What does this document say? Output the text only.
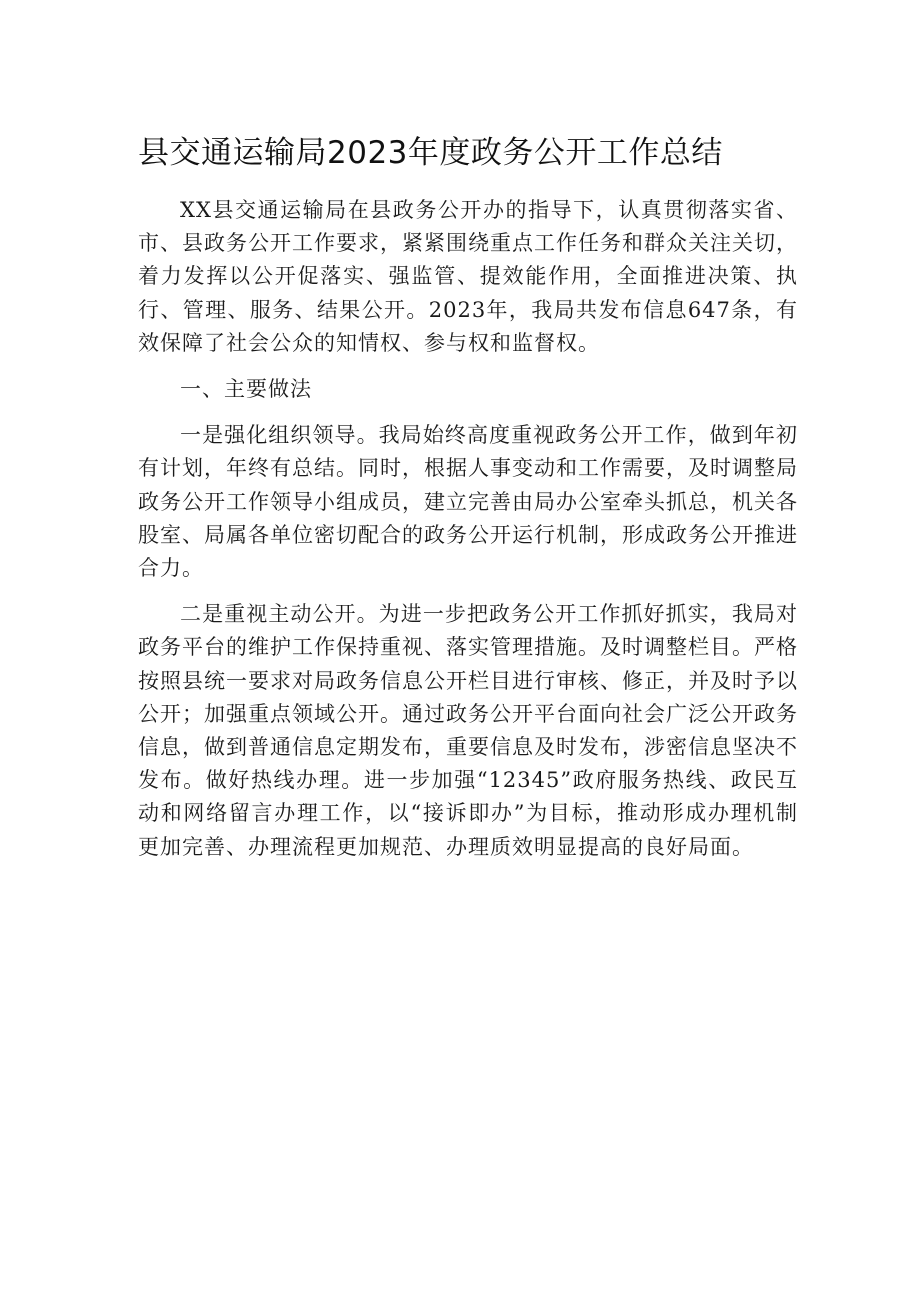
县交通运输局2023年度政务公开工作总结

XX县交通运输局在县政务公开办的指导下，认真贯彻落实省、市、县政务公开工作要求，紧紧围绕重点工作任务和群众关注关切，着力发挥以公开促落实、强监管、提效能作用，全面推进决策、执行、管理、服务、结果公开。2023年，我局共发布信息647条，有效保障了社会公众的知情权、参与权和监督权。

一、主要做法

一是强化组织领导。我局始终高度重视政务公开工作，做到年初有计划，年终有总结。同时，根据人事变动和工作需要，及时调整局政务公开工作领导小组成员，建立完善由局办公室牵头抓总，机关各股室、局属各单位密切配合的政务公开运行机制，形成政务公开推进合力。

二是重视主动公开。为进一步把政务公开工作抓好抓实，我局对政务平台的维护工作保持重视、落实管理措施。及时调整栏目。严格按照县统一要求对局政务信息公开栏目进行审核、修正，并及时予以公开；加强重点领域公开。通过政务公开平台面向社会广泛公开政务信息，做到普通信息定期发布，重要信息及时发布，涉密信息坚决不发布。做好热线办理。进一步加强“12345”政府服务热线、政民互动和网络留言办理工作，以“接诉即办”为目标，推动形成办理机制更加完善、办理流程更加规范、办理质效明显提高的良好局面。
